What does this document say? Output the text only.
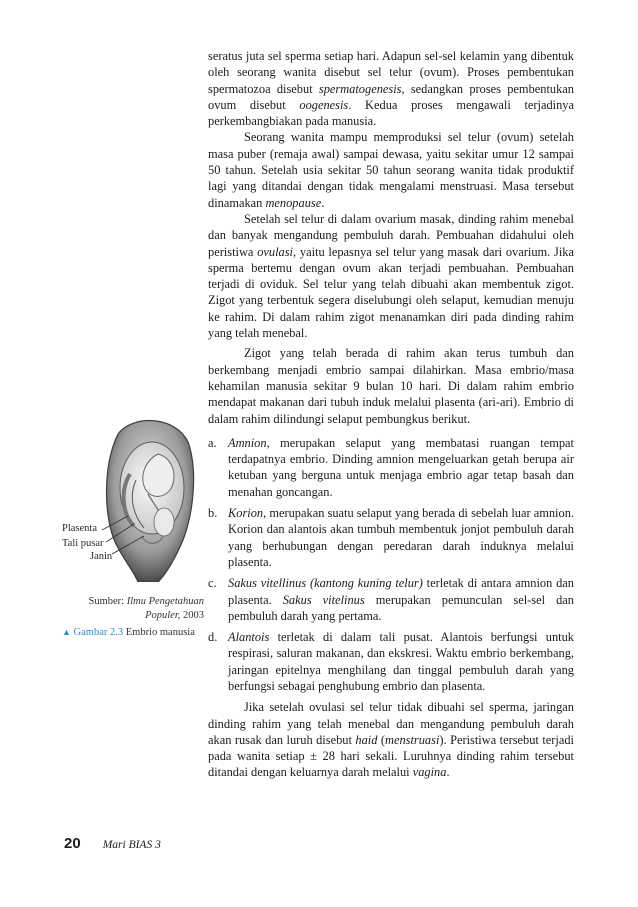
seratus juta sel sperma setiap hari. Adapun sel-sel kelamin yang dibentuk oleh seorang wanita disebut sel telur (ovum). Proses pembentukan spermatozoa disebut spermatogenesis, sedangkan proses pembentukan ovum disebut oogenesis. Kedua proses mengawali terjadinya perkembangbiakan pada manusia.

Seorang wanita mampu memproduksi sel telur (ovum) setelah masa puber (remaja awal) sampai dewasa, yaitu sekitar umur 12 sampai 50 tahun. Setelah usia sekitar 50 tahun seorang wanita tidak produktif lagi yang ditandai dengan tidak mengalami menstruasi. Masa tersebut dinamakan menopause.

Setelah sel telur di dalam ovarium masak, dinding rahim menebal dan banyak mengandung pembuluh darah. Pembuahan didahului oleh peristiwa ovulasi, yaitu lepasnya sel telur yang masak dari ovarium. Jika sperma bertemu dengan ovum akan terjadi pembuahan. Pembuahan terjadi di oviduk. Sel telur yang telah dibuahi akan membentuk zigot. Zigot yang terbentuk segera diselubungi oleh selaput, kemudian menuju ke rahim. Di dalam rahim zigot menanamkan diri pada dinding rahim yang telah menebal.

Zigot yang telah berada di rahim akan terus tumbuh dan berkembang menjadi embrio sampai dilahirkan. Masa embrio/masa kehamilan manusia sekitar 9 bulan 10 hari. Di dalam rahim embrio mendapat makanan dari tubuh induk melalui plasenta (ari-ari). Embrio di dalam rahim dilindungi selaput pembungkus berikut.

a. Amnion, merupakan selaput yang membatasi ruangan tempat terdapatnya embrio. Dinding amnion mengeluarkan getah berupa air ketuban yang berguna untuk menjaga embrio agar tetap basah dan menahan goncangan.
b. Korion, merupakan suatu selaput yang berada di sebelah luar amnion. Korion dan alantois akan tumbuh membentuk jonjot pembuluh darah yang berhubungan dengan peredaran darah induknya melalui plasenta.
c. Sakus vitellinus (kantong kuning telur) terletak di antara amnion dan plasenta. Sakus vitelinus merupakan pemunculan sel-sel dan pembuluh darah yang pertama.
d. Alantois terletak di dalam tali pusat. Alantois berfungsi untuk respirasi, saluran makanan, dan ekskresi. Waktu embrio berkembang, jaringan epitelnya menghilang dan tinggal pembuluh darah yang berfungsi sebagai penghubung embrio dan plasenta.

Jika setelah ovulasi sel telur tidak dibuahi sel sperma, jaringan dinding rahim yang telah menebal dan mengandung pembuluh darah akan rusak dan luruh disebut haid (menstruasi). Peristiwa tersebut terjadi pada wanita setiap ± 28 hari sekali. Luruhnya dinding rahim tersebut ditandai dengan keluarnya darah melalui vagina.

Plasenta
Tali pusar
Janin
Sumber: Ilmu Pengetahuan Populer, 2003
▲ Gambar 2.3 Embrio manusia
20 Mari BIAS 3
